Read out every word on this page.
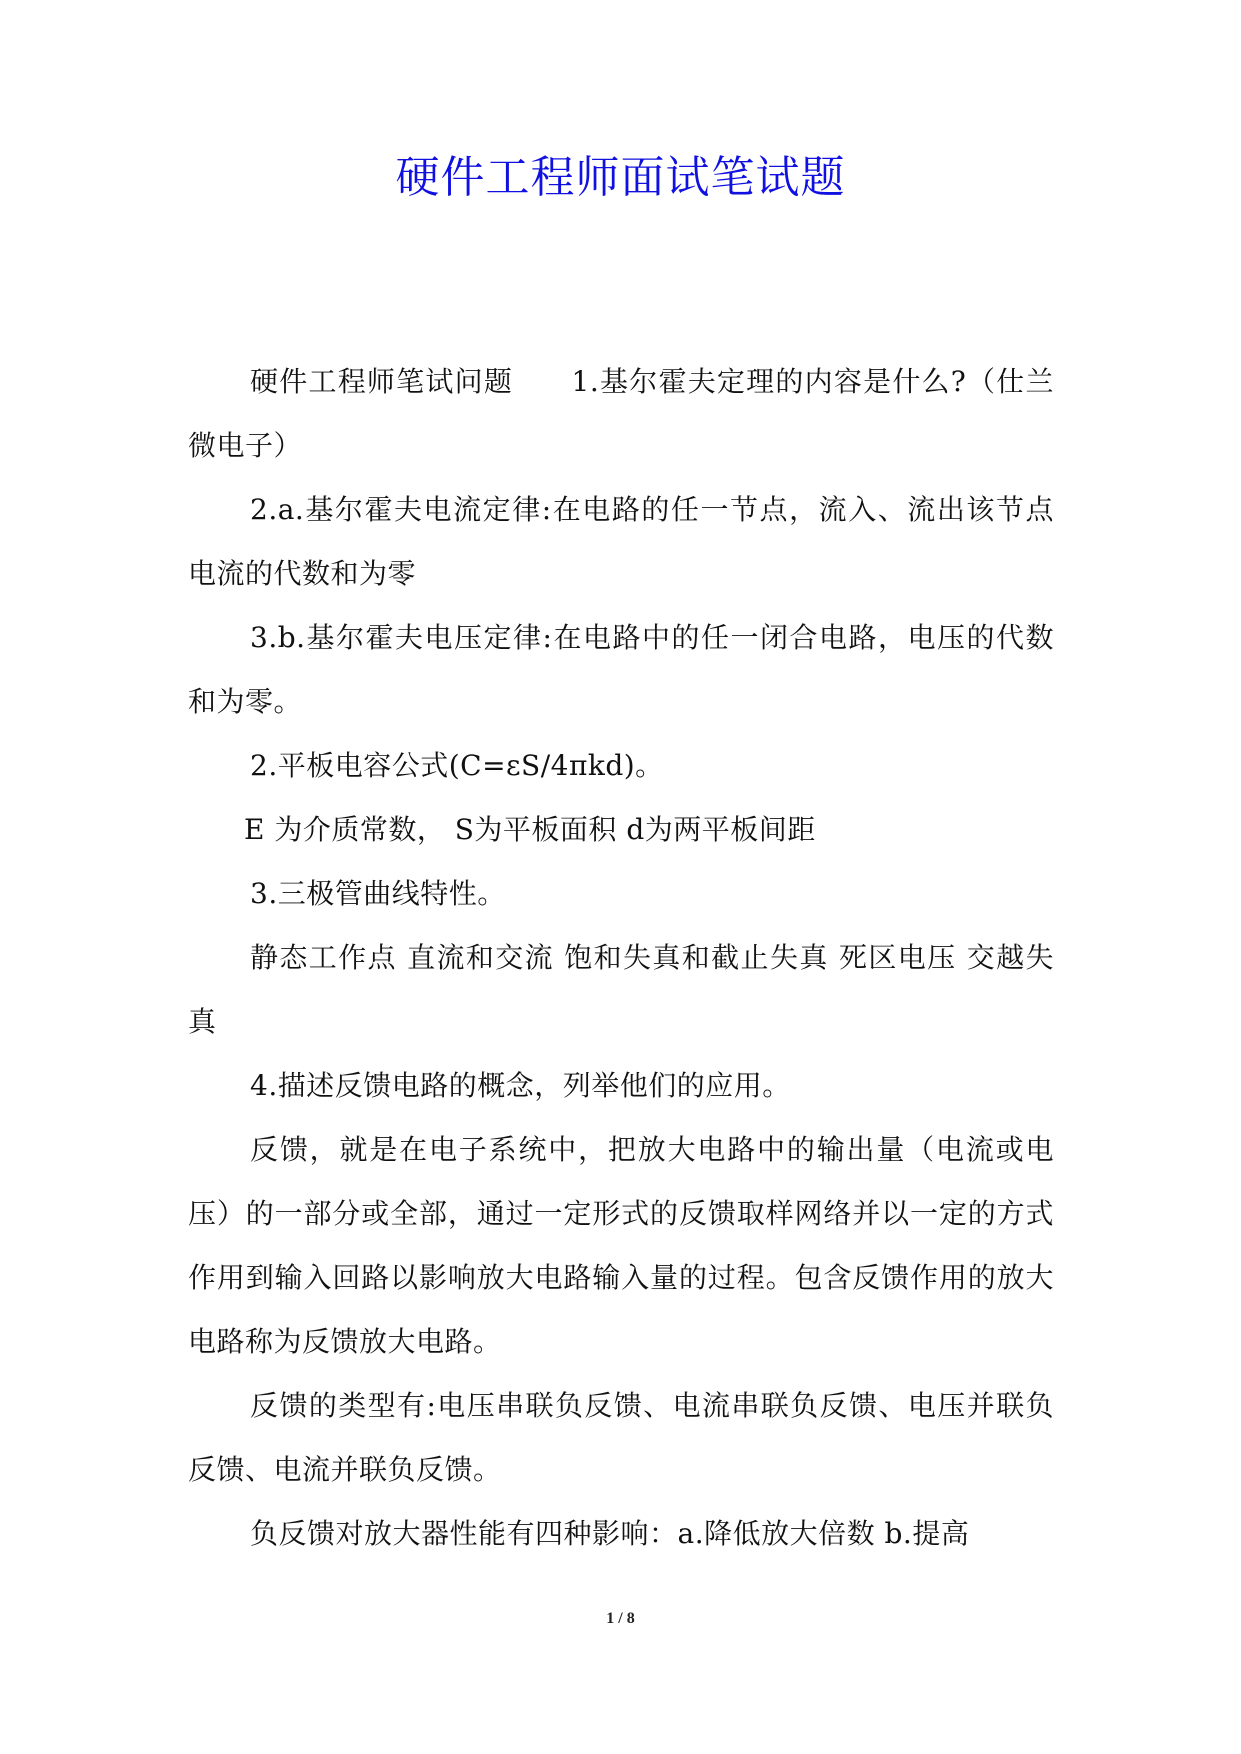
硬件工程师面试笔试题

硬件工程师笔试问题　　1.基尔霍夫定理的内容是什么?（仕兰微电子）

2.a.基尔霍夫电流定律:在电路的任一节点，流入、流出该节点电流的代数和为零

3.b.基尔霍夫电压定律:在电路中的任一闭合电路，电压的代数和为零。

2.平板电容公式(C=εS/4πkd)。

E 为介质常数， S为平板面积 d为两平板间距

3.三极管曲线特性。

静态工作点 直流和交流 饱和失真和截止失真 死区电压 交越失真

4.描述反馈电路的概念，列举他们的应用。

反馈，就是在电子系统中，把放大电路中的输出量（电流或电压）的一部分或全部，通过一定形式的反馈取样网络并以一定的方式作用到输入回路以影响放大电路输入量的过程。包含反馈作用的放大电路称为反馈放大电路。

反馈的类型有:电压串联负反馈、电流串联负反馈、电压并联负反馈、电流并联负反馈。

负反馈对放大器性能有四种影响：a.降低放大倍数 b.提高

1 / 8
